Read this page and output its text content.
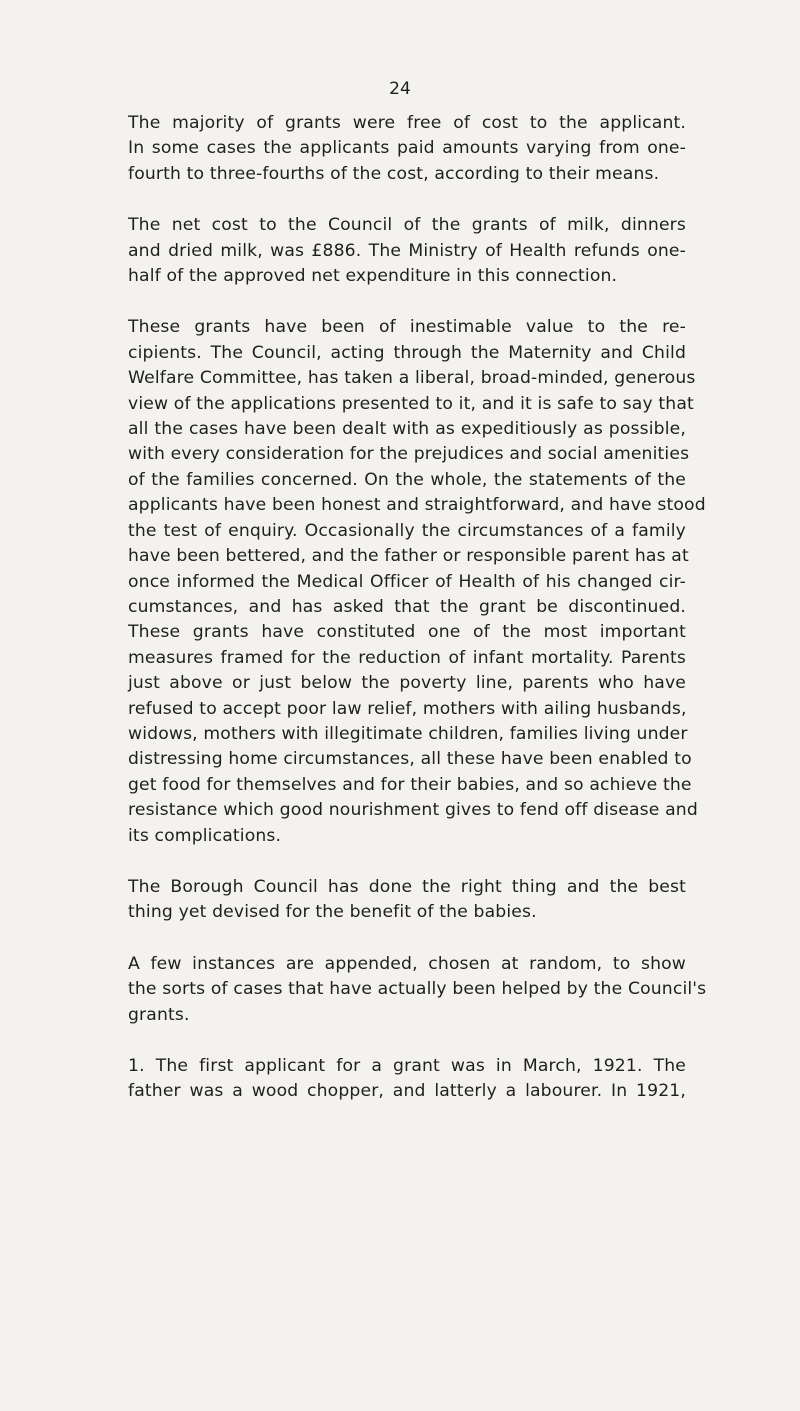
24

The majority of grants were free of cost to the applicant.
In some cases the applicants paid amounts varying from one-
fourth to three-fourths of the cost, according to their means.

The net cost to the Council of the grants of milk, dinners
and dried milk, was £886. The Ministry of Health refunds one-
half of the approved net expenditure in this connection.

These grants have been of inestimable value to the re-
cipients. The Council, acting through the Maternity and Child
Welfare Committee, has taken a liberal, broad-minded, generous
view of the applications presented to it, and it is safe to say that
all the cases have been dealt with as expeditiously as possible,
with every consideration for the prejudices and social amenities
of the families concerned. On the whole, the statements of the
applicants have been honest and straightforward, and have stood
the test of enquiry. Occasionally the circumstances of a family
have been bettered, and the father or responsible parent has at
once informed the Medical Officer of Health of his changed cir-
cumstances, and has asked that the grant be discontinued.
These grants have constituted one of the most important
measures framed for the reduction of infant mortality. Parents
just above or just below the poverty line, parents who have
refused to accept poor law relief, mothers with ailing husbands,
widows, mothers with illegitimate children, families living under
distressing home circumstances, all these have been enabled to
get food for themselves and for their babies, and so achieve the
resistance which good nourishment gives to fend off disease and
its complications.

The Borough Council has done the right thing and the best
thing yet devised for the benefit of the babies.

A few instances are appended, chosen at random, to show
the sorts of cases that have actually been helped by the Council's
grants.

1. The first applicant for a grant was in March, 1921. The
father was a wood chopper, and latterly a labourer. In 1921,
